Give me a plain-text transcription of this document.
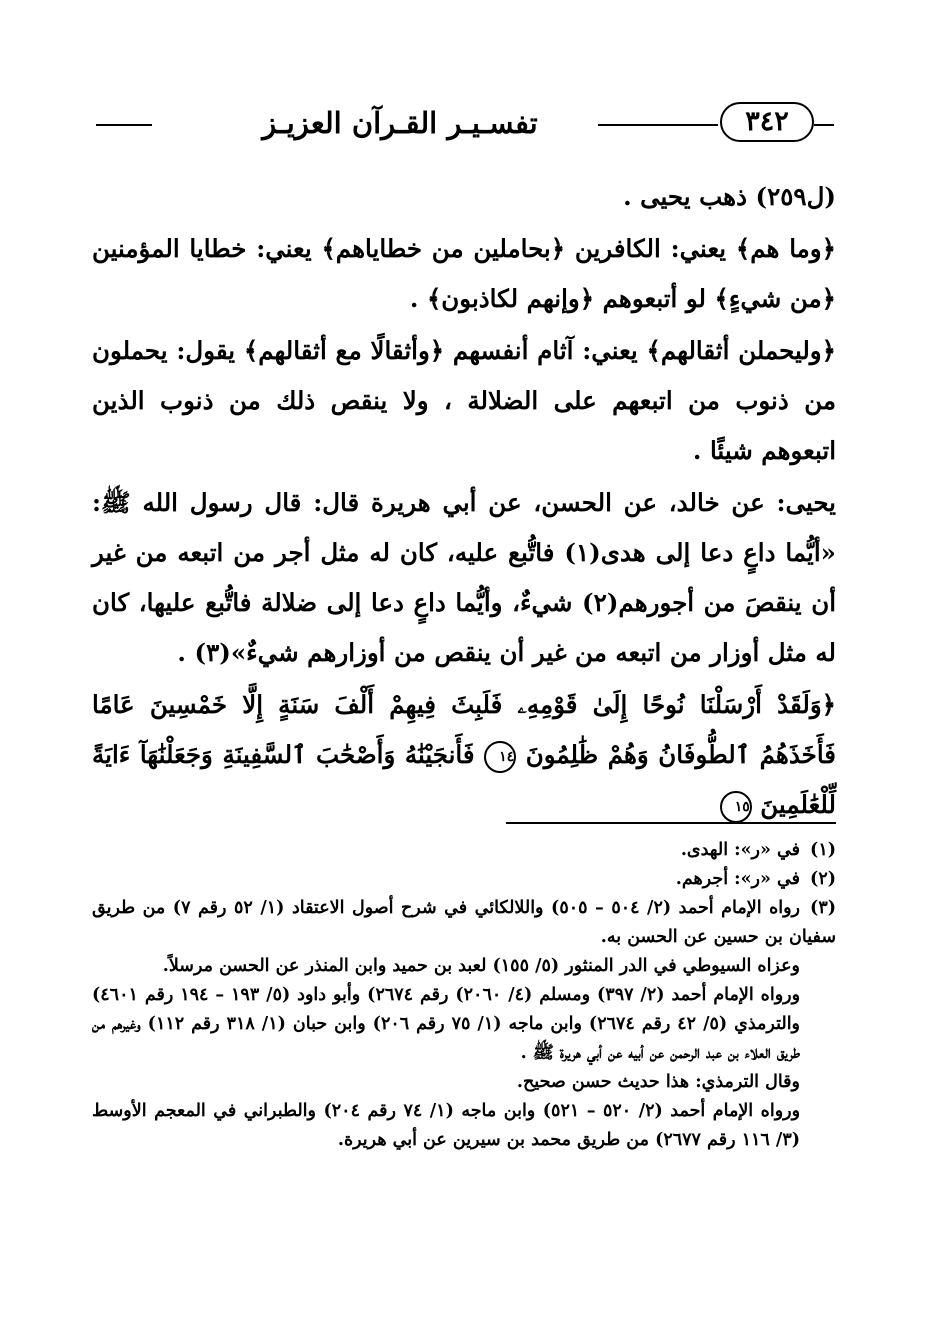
٣٤٢
تفسـيـر القـرآن العزيـز

(ل٢٥٩) ذهب يحيى .

﴿وما هم﴾ يعني: الكافرين ﴿بحاملين من خطاياهم﴾ يعني: خطايا المؤمنين ﴿من شيءٍ﴾ لو أتبعوهم ﴿وإنهم لكاذبون﴾ .

﴿وليحملن أثقالهم﴾ يعني: آثام أنفسهم ﴿وأثقالًا مع أثقالهم﴾ يقول: يحملون من ذنوب من اتبعهم على الضلالة ، ولا ينقص ذلك من ذنوب الذين اتبعوهم شيئًا .

يحيى: عن خالد، عن الحسن، عن أبي هريرة قال: قال رسول الله ﷺ: «أيُّما داعٍ دعا إلى هدى(١) فاتُّبع عليه، كان له مثل أجر من اتبعه من غير أن ينقصَ من أجورهم(٢) شيءٌ، وأيُّما داعٍ دعا إلى ضلالة فاتُّبع عليها، كان له مثل أوزار من اتبعه من غير أن ينقص من أوزارهم شيءٌ»(٣) .

﴿وَلَقَدْ أَرْسَلْنَا نُوحًا إِلَىٰ قَوْمِهِۦ فَلَبِثَ فِيهِمْ أَلْفَ سَنَةٍ إِلَّا خَمْسِينَ عَامًا فَأَخَذَهُمُ ٱلطُّوفَانُ وَهُمْ ظَٰلِمُونَ ١٤ فَأَنجَيْنَٰهُ وَأَصْحَٰبَ ٱلسَّفِينَةِ وَجَعَلْنَٰهَآ ءَايَةً لِّلْعَٰلَمِينَ ١٥

(١)في «ر»: الهدى.

(٢)في «ر»: أجرهم.

(٣)رواه الإمام أحمد (٢/ ٥٠٤ – ٥٠٥) واللالكائي في شرح أصول الاعتقاد (١/ ٥٢ رقم ٧) من طريق سفيان بن حسين عن الحسن به.

وعزاه السيوطي في الدر المنثور (٥/ ١٥٥) لعبد بن حميد وابن المنذر عن الحسن مرسلاً.

ورواه الإمام أحمد (٢/ ٣٩٧) ومسلم (٤/ ٢٠٦٠) رقم ٢٦٧٤) وأبو داود (٥/ ١٩٣ – ١٩٤ رقم ٤٦٠١) والترمذي (٥/ ٤٢ رقم ٢٦٧٤) وابن ماجه (١/ ٧٥ رقم ٢٠٦) وابن حبان (١/ ٣١٨ رقم ١١٢) وغيرهم من طريق العلاء بن عبد الرحمن عن أبيه عن أبي هريرة ﷺ .

وقال الترمذي: هذا حديث حسن صحيح.

ورواه الإمام أحمد (٢/ ٥٢٠ – ٥٢١) وابن ماجه (١/ ٧٤ رقم ٢٠٤) والطبراني في المعجم الأوسط (٣/ ١١٦ رقم ٢٦٧٧) من طريق محمد بن سيرين عن أبي هريرة.
